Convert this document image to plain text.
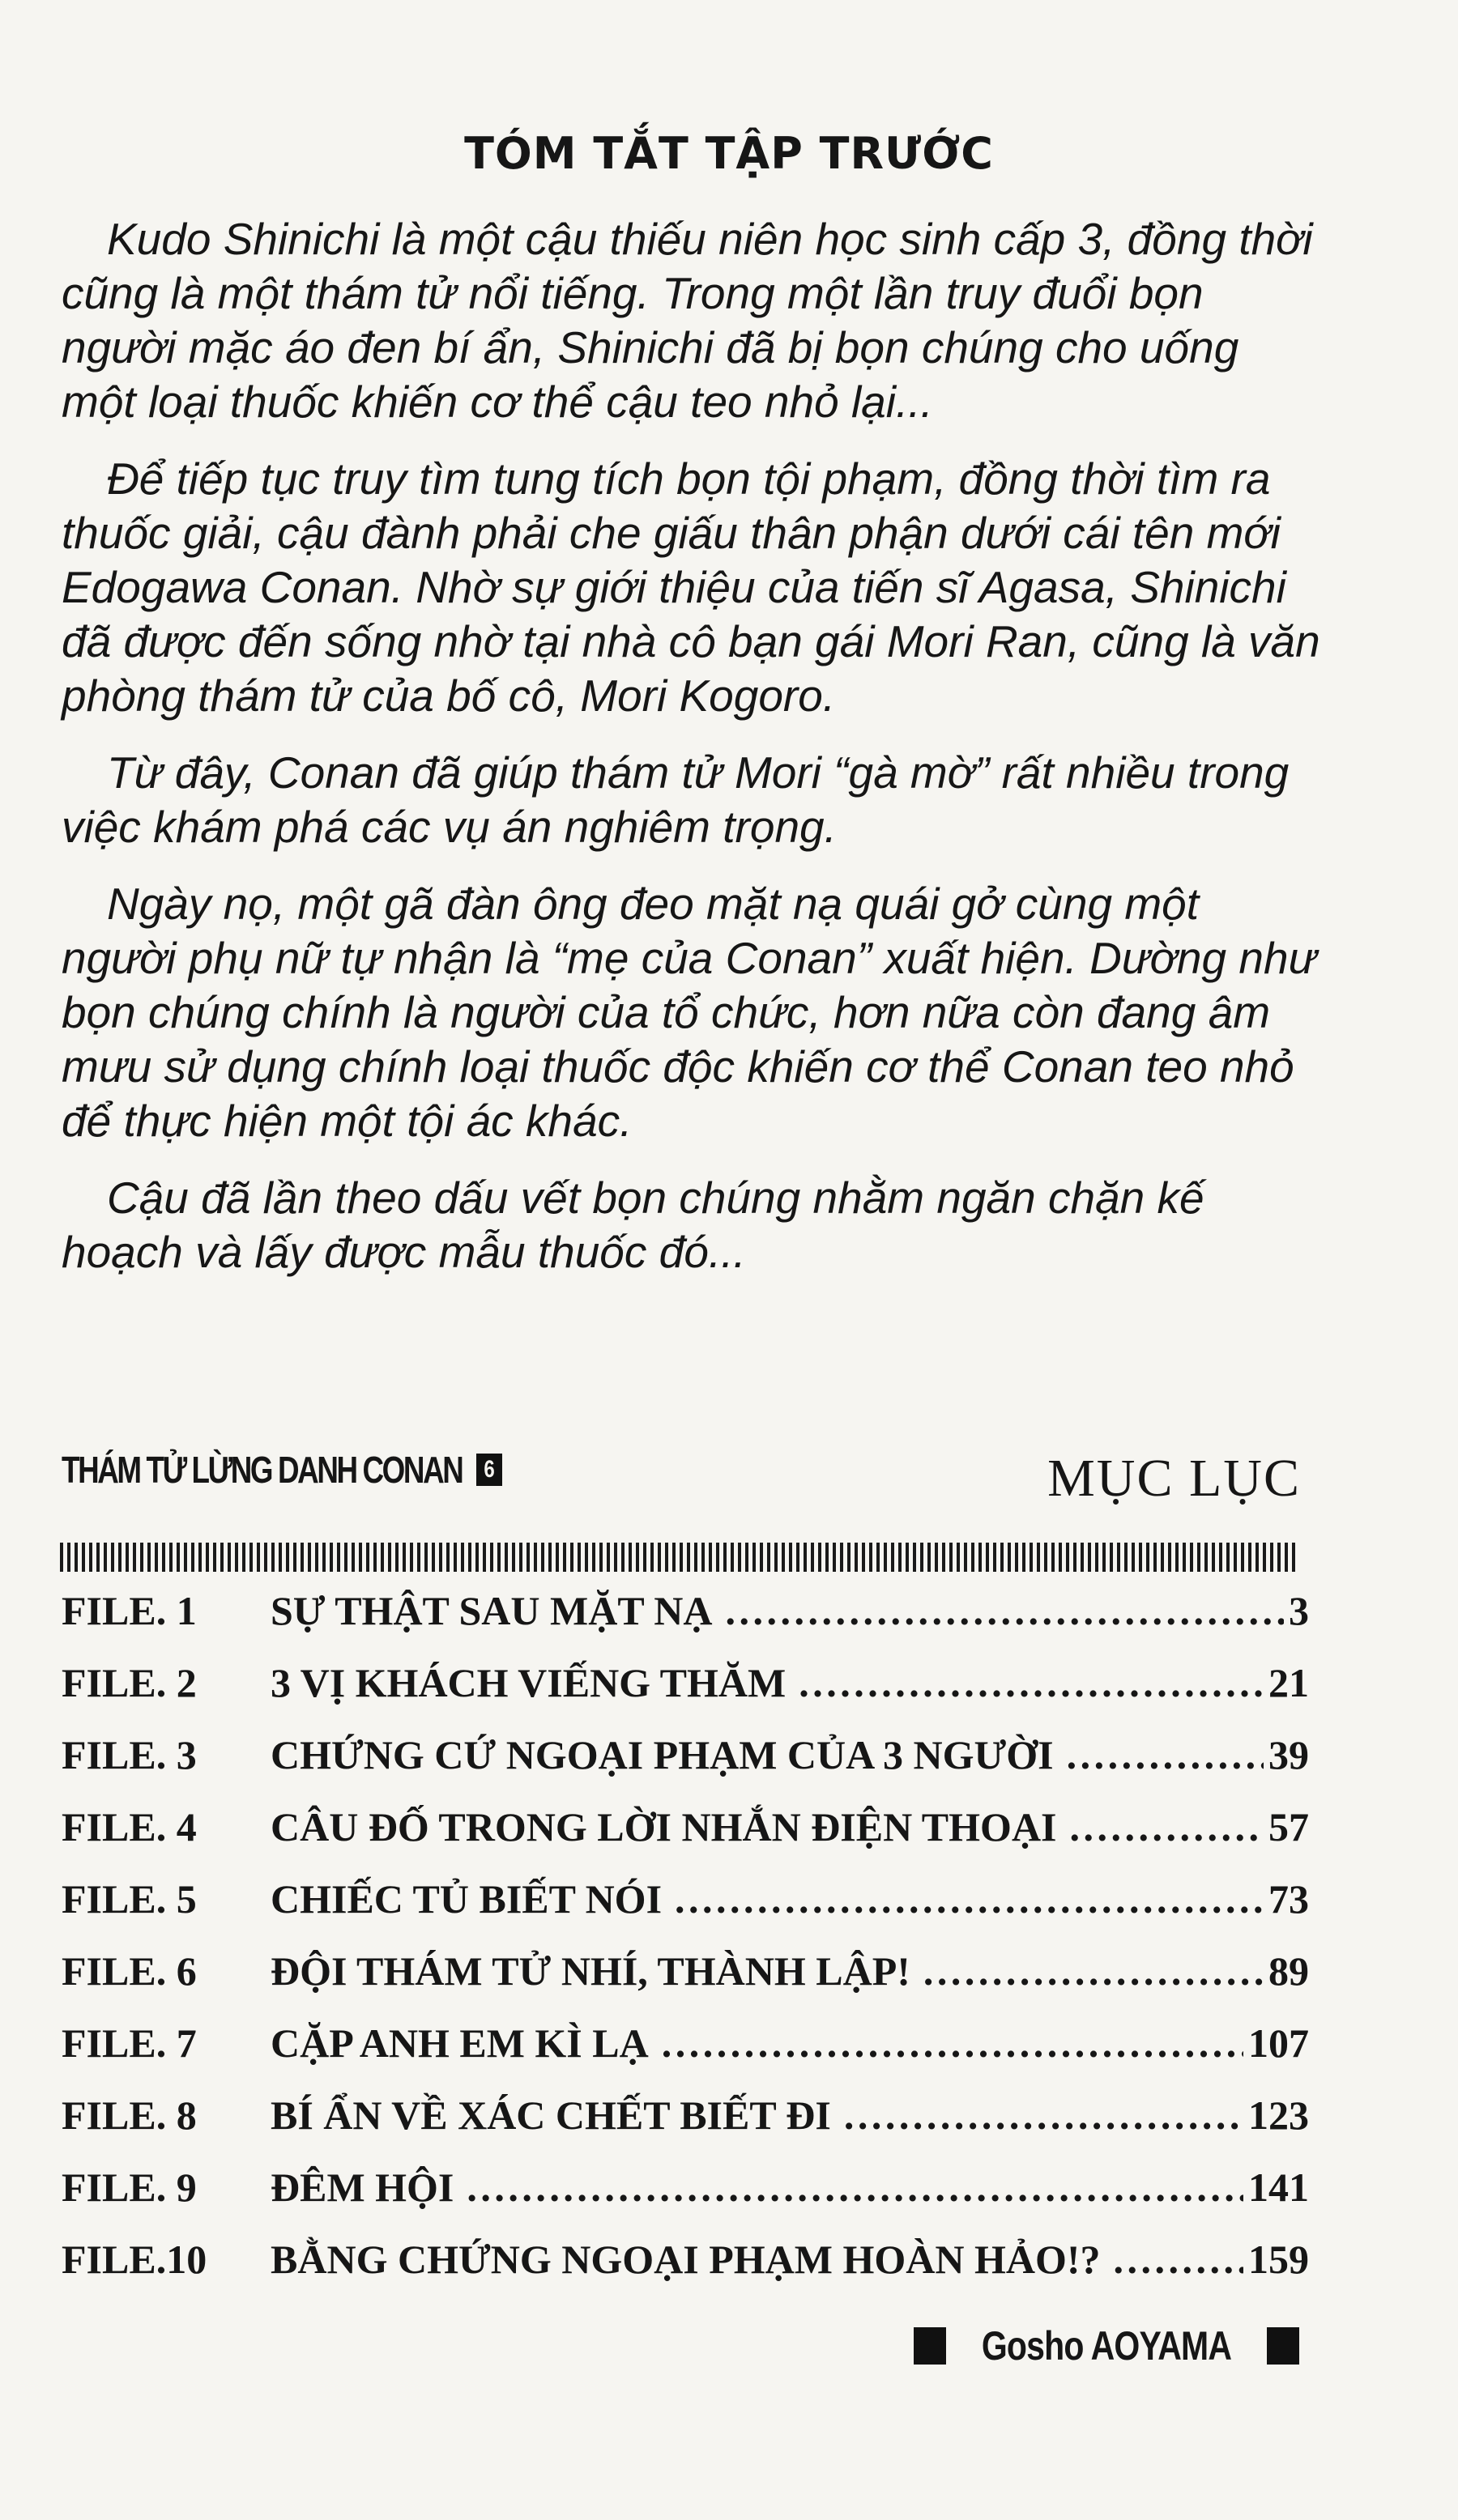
TÓM TẮT TẬP TRƯỚC

Kudo Shinichi là một cậu thiếu niên học sinh cấp 3, đồng thời cũng là một thám tử nổi tiếng. Trong một lần truy đuổi bọn người mặc áo đen bí ẩn, Shinichi đã bị bọn chúng cho uống một loại thuốc khiến cơ thể cậu teo nhỏ lại...

Để tiếp tục truy tìm tung tích bọn tội phạm, đồng thời tìm ra thuốc giải, cậu đành phải che giấu thân phận dưới cái tên mới Edogawa Conan. Nhờ sự giới thiệu của tiến sĩ Agasa, Shinichi đã được đến sống nhờ tại nhà cô bạn gái Mori Ran, cũng là văn phòng thám tử của bố cô, Mori Kogoro.

Từ đây, Conan đã giúp thám tử Mori “gà mờ” rất nhiều trong việc khám phá các vụ án nghiêm trọng.

Ngày nọ, một gã đàn ông đeo mặt nạ quái gở cùng một người phụ nữ tự nhận là “mẹ của Conan” xuất hiện. Dường như bọn chúng chính là người của tổ chức, hơn nữa còn đang âm mưu sử dụng chính loại thuốc độc khiến cơ thể Conan teo nhỏ để thực hiện một tội ác khác.

Cậu đã lần theo dấu vết bọn chúng nhằm ngăn chặn kế hoạch và lấy được mẫu thuốc đó...

THÁM TỬ LỪNG DANH CONAN 6	MỤC LỤC
FILE. 1	SỰ THẬT SAU MẶT NẠ . . .	3
FILE. 2	3 VỊ KHÁCH VIẾNG THĂM . . .	21
FILE. 3	CHỨNG CỨ NGOẠI PHẠM CỦA 3 NGƯỜI . . .	39
FILE. 4	CÂU ĐỐ TRONG LỜI NHẮN ĐIỆN THOẠI . . .	57
FILE. 5	CHIẾC TỦ BIẾT NÓI . . .	73
FILE. 6	ĐỘI THÁM TỬ NHÍ, THÀNH LẬP! . . .	89
FILE. 7	CẶP ANH EM KÌ LẠ . . .	107
FILE. 8	BÍ ẨN VỀ XÁC CHẾT BIẾT ĐI . . .	123
FILE. 9	ĐÊM HỘI . . .	141
FILE.10	BẰNG CHỨNG NGOẠI PHẠM HOÀN HẢO!? . . .	159
Gosho AOYAMA
